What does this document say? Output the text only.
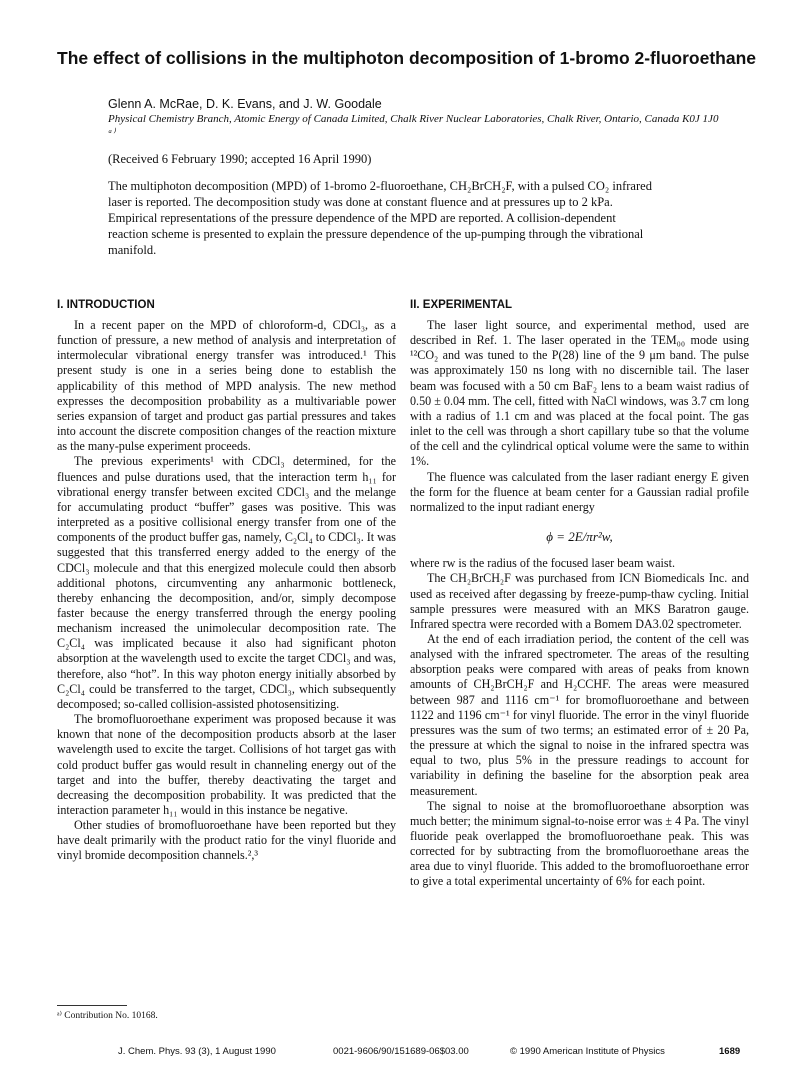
The effect of collisions in the multiphoton decomposition of 1-bromo 2-fluoroethane
Glenn A. McRae, D. K. Evans, and J. W. Goodale
Physical Chemistry Branch, Atomic Energy of Canada Limited, Chalk River Nuclear Laboratories, Chalk River, Ontario, Canada K0J 1J0 ᵃ⁾
(Received 6 February 1990; accepted 16 April 1990)

The multiphoton decomposition (MPD) of 1-bromo 2-fluoroethane, CH₂BrCH₂F, with a pulsed CO₂ infrared laser is reported. The decomposition study was done at constant fluence and at pressures up to 2 kPa. Empirical representations of the pressure dependence of the MPD are reported. A collision-dependent reaction scheme is presented to explain the pressure dependence of the up-pumping through the vibrational manifold.

I. INTRODUCTION

In a recent paper on the MPD of chloroform-d, CDCl₃, as a function of pressure, a new method of analysis and interpretation of intermolecular vibrational energy transfer was introduced.¹ This present study is one in a series being done to establish the applicability of this method of MPD analysis. The new method expresses the decomposition probability as a multivariable power series expansion of target and product gas partial pressures and takes into account the discrete composition changes of the reaction mixture as the many-pulse experiment proceeds.

The previous experiments¹ with CDCl₃ determined, for the fluences and pulse durations used, that the interaction term h₁₁ for vibrational energy transfer between excited CDCl₃ and the melange for accumulating product “buffer” gases was positive. This was interpreted as a positive collisional energy transfer from one of the components of the product buffer gas, namely, C₂Cl₄ to CDCl₃. It was suggested that this transferred energy added to the energy of the CDCl₃ molecule and that this energized molecule could then absorb additional photons, circumventing any anharmonic bottleneck, thereby enhancing the decomposition, and/or, simply decompose faster because the energy transferred through the energy pooling mechanism increased the unimolecular decomposition rate. The C₂Cl₄ was implicated because it also had significant photon absorption at the wavelength used to excite the target CDCl₃ and was, therefore, also “hot”. In this way photon energy initially absorbed by C₂Cl₄ could be transferred to the target, CDCl₃, which subsequently decomposed; so-called collision-assisted photosensitizing.

The bromofluoroethane experiment was proposed because it was known that none of the decomposition products absorb at the laser wavelength used to excite the target. Collisions of hot target gas with cold product buffer gas would result in channeling energy out of the target and into the buffer, thereby deactivating the target and decreasing the decomposition probability. It was predicted that the interaction parameter h₁₁ would in this instance be negative.

Other studies of bromofluoroethane have been reported but they have dealt primarily with the product ratio for the vinyl fluoride and vinyl bromide decomposition channels.²,³

II. EXPERIMENTAL

The laser light source, and experimental method, used are described in Ref. 1. The laser operated in the TEM₀₀ mode using ¹²CO₂ and was tuned to the P(28) line of the 9 μm band. The pulse was approximately 150 ns long with no discernible tail. The laser beam was focused with a 50 cm BaF₂ lens to a beam waist radius of 0.50 ± 0.04 mm. The cell, fitted with NaCl windows, was 3.7 cm long with a radius of 1.1 cm and was placed at the focal point. The gas inlet to the cell was through a short capillary tube so that the volume of the cell and the cylindrical optical volume were the same to within 1%.

The fluence was calculated from the laser radiant energy E given the form for the fluence at beam center for a Gaussian radial profile normalized to the input radiant energy

ϕ = 2E/πr²w,

where rw is the radius of the focused laser beam waist.

The CH₂BrCH₂F was purchased from ICN Biomedicals Inc. and used as received after degassing by freeze-pump-thaw cycling. Initial sample pressures were measured with an MKS Baratron gauge. Infrared spectra were recorded with a Bomem DA3.02 spectrometer.

At the end of each irradiation period, the content of the cell was analysed with the infrared spectrometer. The areas of the resulting absorption peaks were compared with areas of peaks from known amounts of CH₂BrCH₂F and H₂CCHF. The areas were measured between 987 and 1116 cm⁻¹ for bromofluoroethane and between 1122 and 1196 cm⁻¹ for vinyl fluoride. The error in the vinyl fluoride pressures was the sum of two terms; an estimated error of ± 20 Pa, the pressure at which the signal to noise in the infrared spectra was equal to two, plus 5% in the pressure readings to account for variability in defining the baseline for the absorption peak area measurement.

The signal to noise at the bromofluoroethane absorption was much better; the minimum signal-to-noise error was ± 4 Pa. The vinyl fluoride peak overlapped the bromofluoroethane peak. This was corrected for by subtracting from the bromofluoroethane areas the area due to vinyl fluoride. This added to the bromofluoroethane error to give a total experimental uncertainty of 6% for each point.

ᵃ⁾ Contribution No. 10168.
J. Chem. Phys. 93 (3), 1 August 1990	0021-9606/90/151689-06$03.00	© 1990 American Institute of Physics	1689
